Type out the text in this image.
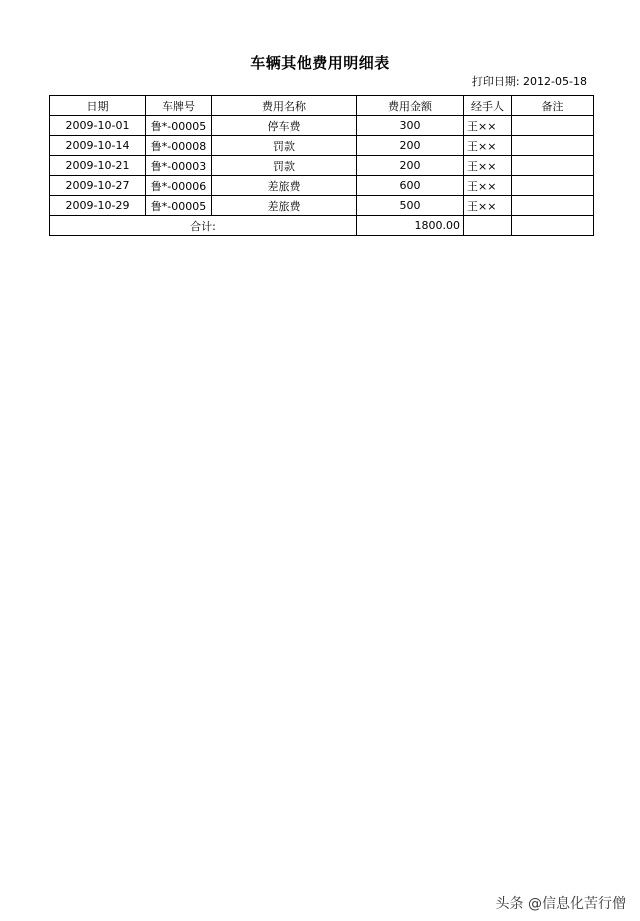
车辆其他费用明细表
打印日期: 2012-05-18
日期	车牌号	费用名称	费用金额	经手人	备注
2009-10-01	鲁*-00005	停车费	300	王××	
2009-10-14	鲁*-00008	罚款	200	王××	
2009-10-21	鲁*-00003	罚款	200	王××	
2009-10-27	鲁*-00006	差旅费	600	王××	
2009-10-29	鲁*-00005	差旅费	500	王××	
合计:			1800.00		
头条 @信息化苦行僧
